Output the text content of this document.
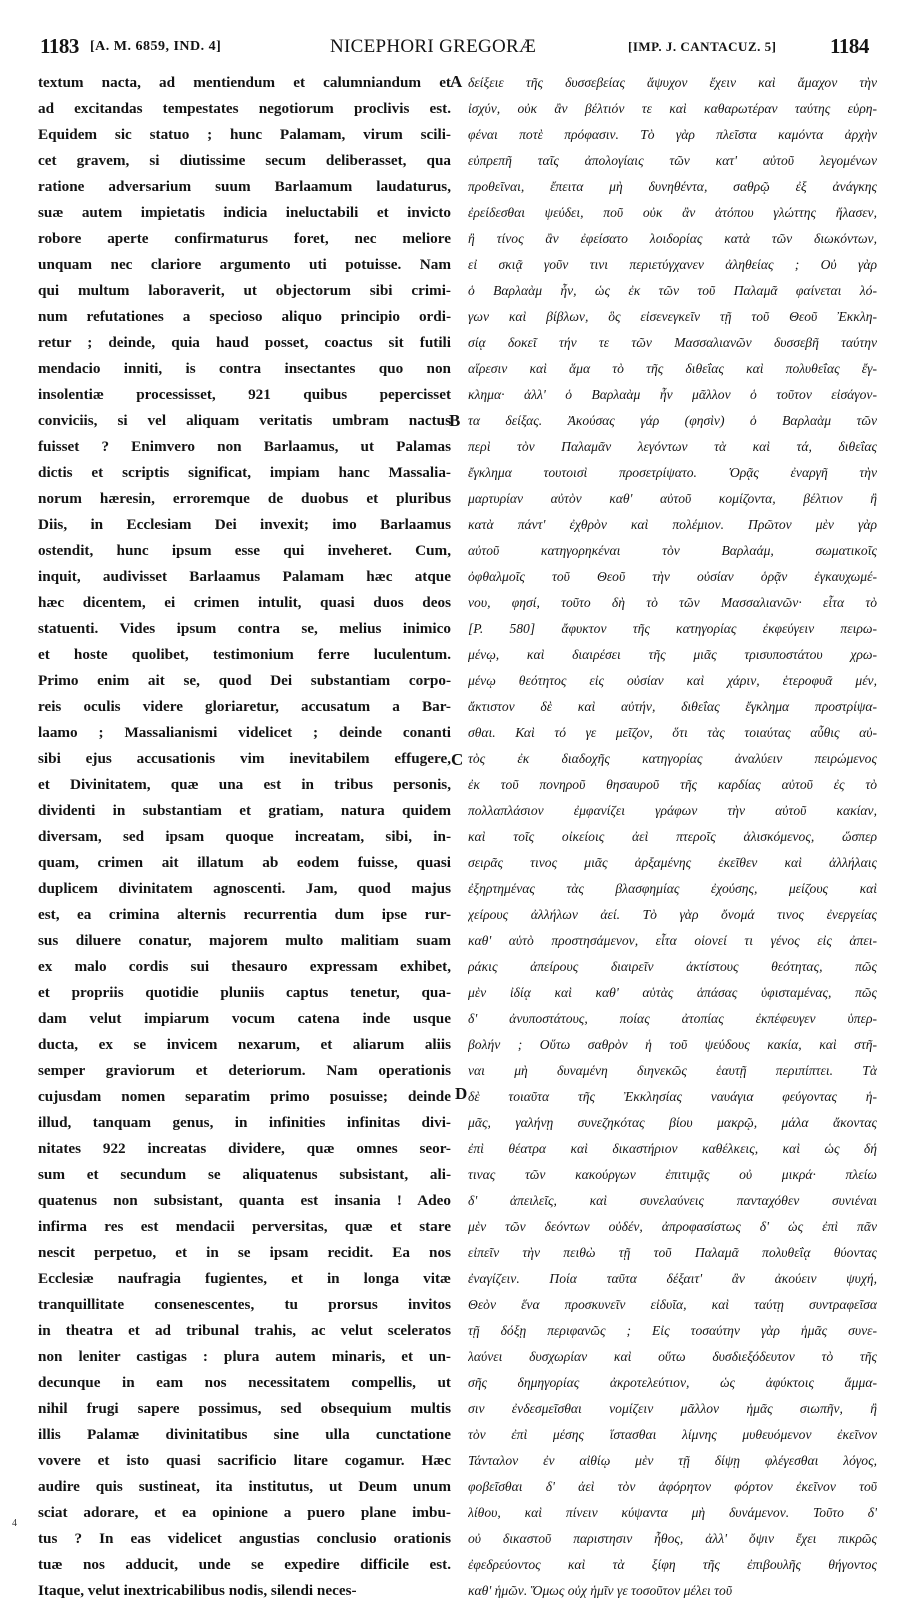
1183 [A. M. 6859, IND. 4]	NICEPHORI GREGORÆ	[IMP. J. CANTACUZ. 5]	1184
textum nacta, ad mentiendum et calumniandum et
ad excitandas tempestates negotiorum proclivis est.
Equidem sic statuo ; hunc Palamam, virum scili-
cet gravem, si diutissime secum deliberasset, qua
ratione adversarium suum Barlaamum laudaturus,
suæ autem impietatis indicia ineluctabili et invicto
robore aperte confirmaturus foret, nec meliore
unquam nec clariore argumento uti potuisse. Nam
qui multum laboraverit, ut objectorum sibi crimi-
num refutationes a specioso aliquo principio ordi-
retur ; deinde, quia haud posset, coactus sit futili
mendacio inniti, is contra insectantes quo non
insolentiæ processisset, 921 quibus pepercisset
conviciis, si vel aliquam veritatis umbram nactus
fuisset ? Enimvero non Barlaamus, ut Palamas
dictis et scriptis significat, impiam hanc Massalia-
norum hæresin, erroremque de duobus et pluribus
Diis, in Ecclesiam Dei invexit; imo Barlaamus
ostendit, hunc ipsum esse qui inveheret. Cum,
inquit, audivisset Barlaamus Palamam hæc atque
hæc dicentem, ei crimen intulit, quasi duos deos
statuenti. Vides ipsum contra se, melius inimico
et hoste quolibet, testimonium ferre luculentum.
Primo enim ait se, quod Dei substantiam corpo-
reis oculis videre gloriaretur, accusatum a Bar-
laamo ; Massalianismi videlicet ; deinde conanti
sibi ejus accusationis vim inevitabilem effugere,
et Divinitatem, quæ una est in tribus personis,
dividenti in substantiam et gratiam, natura quidem
diversam, sed ipsam quoque increatam, sibi, in-
quam, crimen ait illatum ab eodem fuisse, quasi
duplicem divinitatem agnoscenti. Jam, quod majus
est, ea crimina alternis recurrentia dum ipse rur-
sus diluere conatur, majorem multo malitiam suam
ex malo cordis sui thesauro expressam exhibet,
et propriis quotidie pluniis captus tenetur, qua-
dam velut impiarum vocum catena inde usque
ducta, ex se invicem nexarum, et aliarum aliis
semper graviorum et deteriorum. Nam operationis
cujusdam nomen separatim primo posuisse; deinde
illud, tanquam genus, in infinities infinitas divi-
nitates 922 increatas dividere, quæ omnes seor-
sum et secundum se aliquatenus subsistant, ali-
quatenus non subsistant, quanta est insania ! Adeo
infirma res est mendacii perversitas, quæ et stare
nescit perpetuo, et in se ipsam recidit. Ea nos
Ecclesiæ naufragia fugientes, et in longa vitæ
tranquillitate consenescentes, tu prorsus invitos
in theatra et ad tribunal trahis, ac velut sceleratos
non leniter castigas : plura autem minaris, et un-
decunque in eam nos necessitatem compellis, ut
nihil frugi sapere possimus, sed obsequium multis
illis Palamæ divinitatibus sine ulla cunctatione
vovere et isto quasi sacrificio litare cogamur. Hæc
audire quis sustineat, ita institutus, ut Deum unum
sciat adorare, et ea opinione a puero plane imbu-
tus ? In eas videlicet angustias conclusio orationis
tuæ nos adducit, unde se expedire difficile est.
Itaque, velut inextricabilibus nodis, silendi neces-
δείξειε τῆς δυσσεβείας ἄψυχον ἔχειν καὶ ἄμαχον τὴν
ἰσχύν, οὐκ ἂν βέλτιόν τε καὶ καθαρωτέραν ταύτης εὑρη-
φέναι ποτὲ πρόφασιν. Τὸ γὰρ πλεῖστα καμόντα ἀρχὴν
εὐπρεπῆ ταῖς ἀπολογίαις τῶν κατ' αὐτοῦ λεγομένων
προθεῖναι, ἔπειτα μὴ δυνηθέντα, σαθρῷ ἐξ ἀνάγκης
ἐρείδεσθαι ψεύδει, ποῦ οὐκ ἂν ἀτόπου γλώττης ἤλασεν,
ἢ τίνος ἂν ἐφείσατο λοιδορίας κατὰ τῶν διωκόντων,
εἰ σκιᾷ γοῦν τινι περιετύγχανεν ἀληθείας ; Οὐ γὰρ
ὁ Βαρλαὰμ ἦν, ὡς ἐκ τῶν τοῦ Παλαμᾶ φαίνεται λό-
γων καὶ βίβλων, ὃς εἰσενεγκεῖν τῇ τοῦ Θεοῦ Ἐκκλη-
σίᾳ δοκεῖ τήν τε τῶν Μασσαλιανῶν δυσσεβῆ ταύτην
αἵρεσιν καὶ ἅμα τὸ τῆς διθεΐας καὶ πολυθεΐας ἔγ-
κλημα· ἀλλ' ὁ Βαρλαὰμ ἦν μᾶλλον ὁ τοῦτον εἰσάγον-
τα δείξας. Ἀκούσας γάρ (φησὶν) ὁ Βαρλαὰμ τῶν
περὶ τὸν Παλαμᾶν λεγόντων τὰ καὶ τά, διθεΐας
ἔγκλημα τουτοισὶ προσετρίψατο. Ὁρᾷς ἐναργῆ τὴν
μαρτυρίαν αὐτὸν καθ' αὐτοῦ κομίζοντα, βέλτιον ἢ
κατὰ πάντ' ἐχθρὸν καὶ πολέμιον. Πρῶτον μὲν γὰρ
αὐτοῦ κατηγορηκέναι τὸν Βαρλαάμ, σωματικοῖς
ὀφθαλμοῖς τοῦ Θεοῦ τὴν οὐσίαν ὁρᾷν ἐγκαυχωμέ-
νου, φησί, τοῦτο δὴ τὸ τῶν Μασσαλιανῶν· εἶτα τὸ
[P. 580] ἄφυκτον τῆς κατηγορίας ἐκφεύγειν πειρω-
μένῳ, καὶ διαιρέσει τῆς μιᾶς τρισυποστάτου χρω-
μένῳ θεότητος εἰς οὐσίαν καὶ χάριν, ἑτεροφυᾶ μέν,
ἄκτιστον δὲ καὶ αὐτήν, διθεΐας ἔγκλημα προστρίψα-
σθαι. Καὶ τό γε μεῖζον, ὅτι τὰς τοιαύτας αὖθις αὐ-
τὸς ἐκ διαδοχῆς κατηγορίας ἀναλύειν πειρώμενος
ἐκ τοῦ πονηροῦ θησαυροῦ τῆς καρδίας αὐτοῦ ἐς τὸ
πολλαπλάσιον ἐμφανίζει γράφων τὴν αὐτοῦ κακίαν,
καὶ τοῖς οἰκείοις ἀεὶ πτεροῖς ἁλισκόμενος, ὥσπερ
σειρᾶς τινος μιᾶς ἀρξαμένης ἐκεῖθεν καὶ ἀλλήλαις
ἐξηρτημένας τὰς βλασφημίας ἐχούσης, μείζους καὶ
χείρους ἀλλήλων ἀεί. Τὸ γὰρ ὄνομά τινος ἐνεργείας
καθ' αὑτὸ προστησάμενον, εἶτα οἱονεί τι γένος εἰς ἀπει-
ράκις ἀπείρους διαιρεῖν ἀκτίστους θεότητας, πῶς
μὲν ἰδίᾳ καὶ καθ' αὑτὰς ἁπάσας ὑφισταμένας, πῶς
δ' ἀνυποστάτους, ποίας ἀτοπίας ἐκπέφευγεν ὑπερ-
βολήν ; Οὕτω σαθρὸν ἡ τοῦ ψεύδους κακία, καὶ στῆ-
ναι μὴ δυναμένη διηνεκῶς ἑαυτῇ περιπίπτει. Τὰ
δὲ τοιαῦτα τῆς Ἐκκλησίας ναυάγια φεύγοντας ἡ-
μᾶς, γαλήνῃ συνεζηκότας βίου μακρῷ, μάλα ἄκοντας
ἐπὶ θέατρα καὶ δικαστήριον καθέλκεις, καὶ ὡς δή
τινας τῶν κακούργων ἐπιτιμᾷς οὐ μικρά· πλείω
δ' ἀπειλεῖς, καὶ συνελαύνεις πανταχόθεν συνιέναι
μὲν τῶν δεόντων οὐδέν, ἀπροφασίστως δ' ὡς ἐπὶ πᾶν
εἰπεῖν τὴν πειθὼ τῇ τοῦ Παλαμᾶ πολυθεΐᾳ θύοντας
ἐναγίζειν. Ποία ταῦτα δέξαιτ' ἂν ἀκούειν ψυχή,
Θεὸν ἕνα προσκυνεῖν εἰδυῖα, καὶ ταύτῃ συντραφεῖσα
τῇ δόξῃ περιφανῶς ; Εἰς τοσαύτην γὰρ ἡμᾶς συνε-
λαύνει δυσχωρίαν καὶ οὕτω δυσδιεξόδευτον τὸ τῆς
σῆς δημηγορίας ἀκροτελεύτιον, ὡς ἀφύκτοις ἅμμα-
σιν ἐνδεσμεῖσθαι νομίζειν μᾶλλον ἡμᾶς σιωπῆν, ἢ
τὸν ἐπὶ μέσης ἵστασθαι λίμνης μυθευόμενον ἐκεῖνον
Τάνταλον ἐν αἰθίῳ μὲν τῇ δίψῃ φλέγεσθαι λόγος,
φοβεῖσθαι δ' ἀεὶ τὸν ἀφόρητον φόρτον ἐκεῖνον τοῦ
λίθου, καὶ πίνειν κύψαντα μὴ δυνάμενον. Τοῦτο δ'
οὐ δικαστοῦ παριστησιν ἦθος, ἀλλ' ὄψιν ἔχει πικρῶς
ἐφεδρεύοντος καὶ τὰ ξίφη τῆς ἐπιβουλῆς θήγοντος
καθ' ἡμῶν. Ὅμως οὐχ ἡμῖν γε τοσοῦτον μέλει τοῦ
A
B
C
D
4
